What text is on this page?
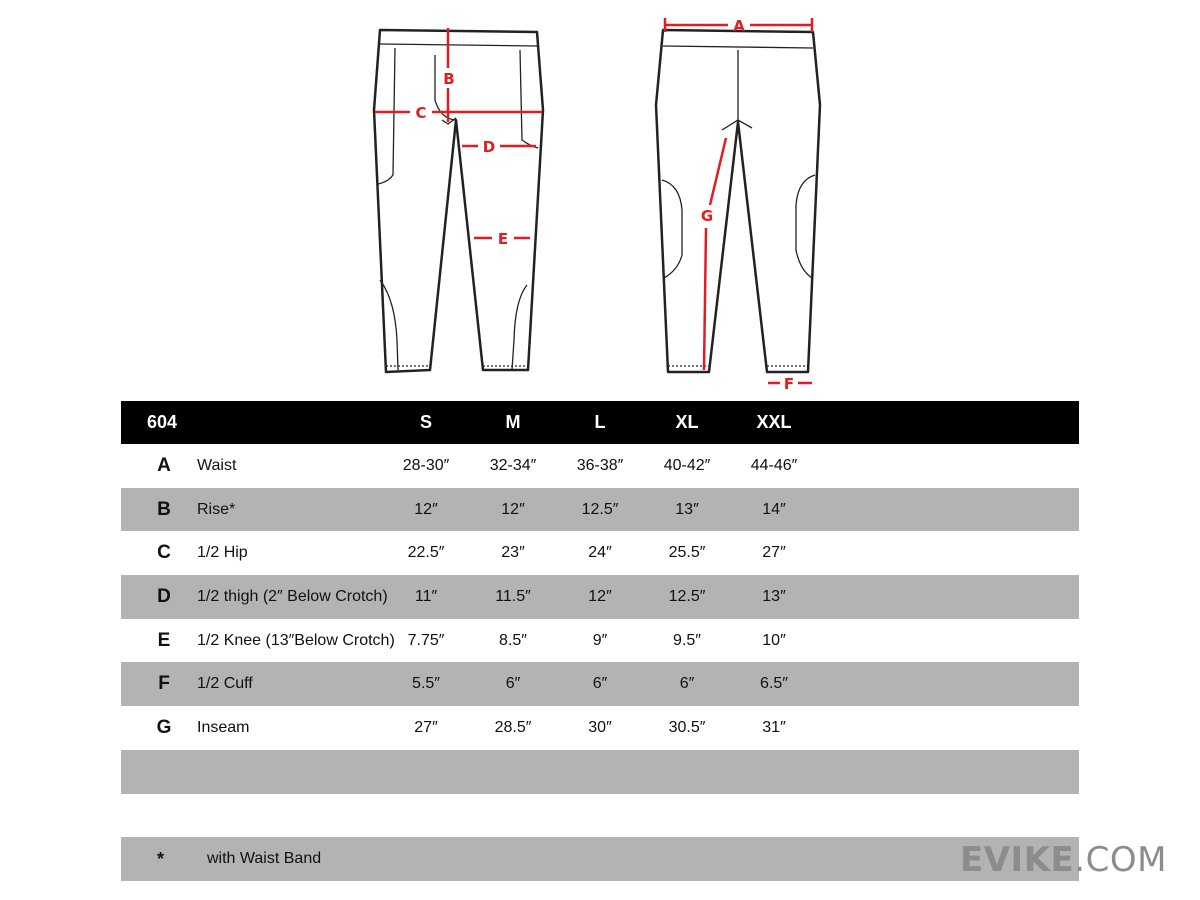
A
B
C
D
E
F
G
604	S	M	L	XL	XXL
A	Waist	28-30″	32-34″	36-38″	40-42″	44-46″
B	Rise*	12″	12″	12.5″	13″	14″
C	1/2 Hip	22.5″	23″	24″	25.5″	27″
D	1/2 thigh (2″ Below Crotch)	11″	11.5″	12″	12.5″	13″
E	1/2 Knee (13″Below Crotch) 7.75″	8.5″	9″	9.5″	10″
F	1/2 Cuff	5.5″	6″	6″	6″	6.5″
G	Inseam	27″	28.5″	30″	30.5″	31″
*	with Waist Band	EVIKE .COM
